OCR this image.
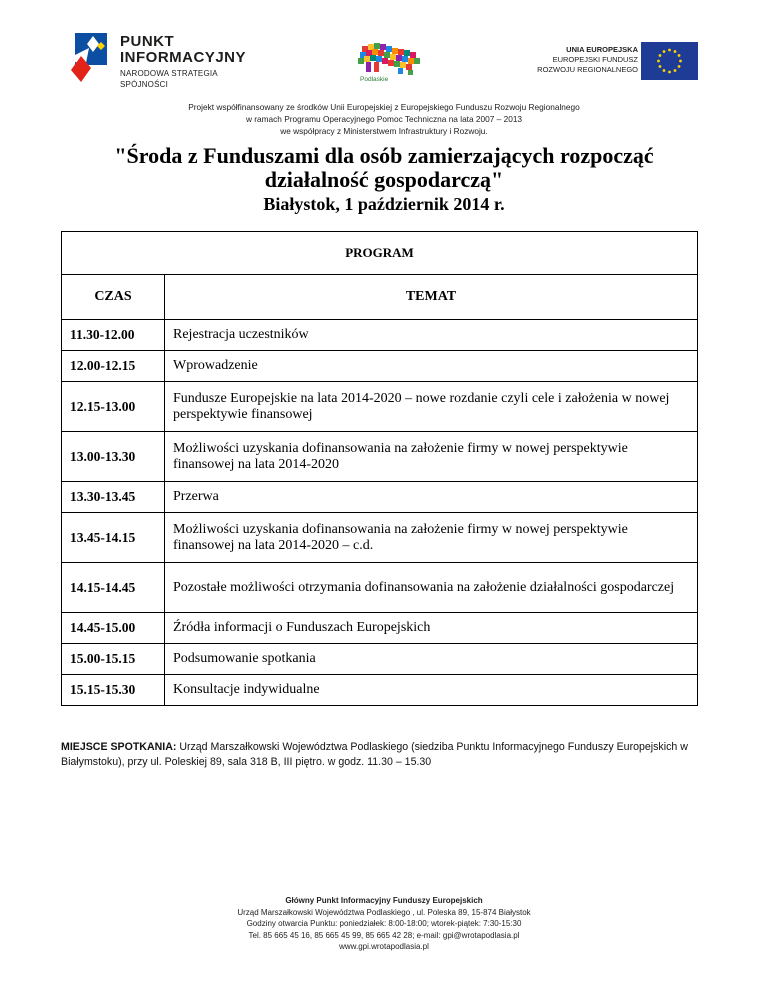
PUNKT
INFORMACYJNY
NARODOWA STRATEGIA SPÓJNOŚCI
Podlaskie
UNIA EUROPEJSKA
EUROPEJSKI FUNDUSZ
ROZWOJU REGIONALNEGO
Projekt współfinansowany ze środków Unii Europejskiej z Europejskiego Funduszu Rozwoju Regionalnego
w ramach Programu Operacyjnego Pomoc Techniczna na lata 2007 – 2013
we współpracy z Ministerstwem Infrastruktury i Rozwoju.
"Środa z Funduszami dla osób zamierzających rozpocząć
działalność gospodarczą"
Białystok, 1 październik 2014 r.
PROGRAM	
CZAS	TEMAT
11.30-12.00	Rejestracja uczestników
12.00-12.15	Wprowadzenie
12.15-13.00	Fundusze Europejskie na lata 2014-2020 – nowe rozdanie czyli cele i założenia w nowej perspektywie finansowej
13.00-13.30	Możliwości uzyskania dofinansowania na założenie firmy w nowej perspektywie finansowej na lata 2014-2020
13.30-13.45	Przerwa
13.45-14.15	Możliwości uzyskania dofinansowania na założenie firmy w nowej perspektywie finansowej na lata 2014-2020 – c.d.
14.15-14.45	Pozostałe możliwości otrzymania dofinansowania na założenie działalności gospodarczej
14.45-15.00	Źródła informacji o Funduszach Europejskich
15.00-15.15	Podsumowanie spotkania
15.15-15.30	Konsultacje indywidualne
MIEJSCE SPOTKANIA: Urząd Marszałkowski Województwa Podlaskiego (siedziba Punktu Informacyjnego Funduszy Europejskich w Białymstoku), przy ul. Poleskiej 89, sala 318 B, III piętro. w godz. 11.30 – 15.30
Główny Punkt Informacyjny Funduszy Europejskich
Urząd Marszałkowski Województwa Podlaskiego , ul. Poleska 89, 15-874 Białystok
Godziny otwarcia Punktu: poniedziałek: 8:00-18:00; wtorek-piątek: 7:30-15:30
Tel. 85 665 45 16, 85 665 45 99, 85 665 42 28; e-mail: gpi@wrotapodlasia.pl
www.gpi.wrotapodlasia.pl
